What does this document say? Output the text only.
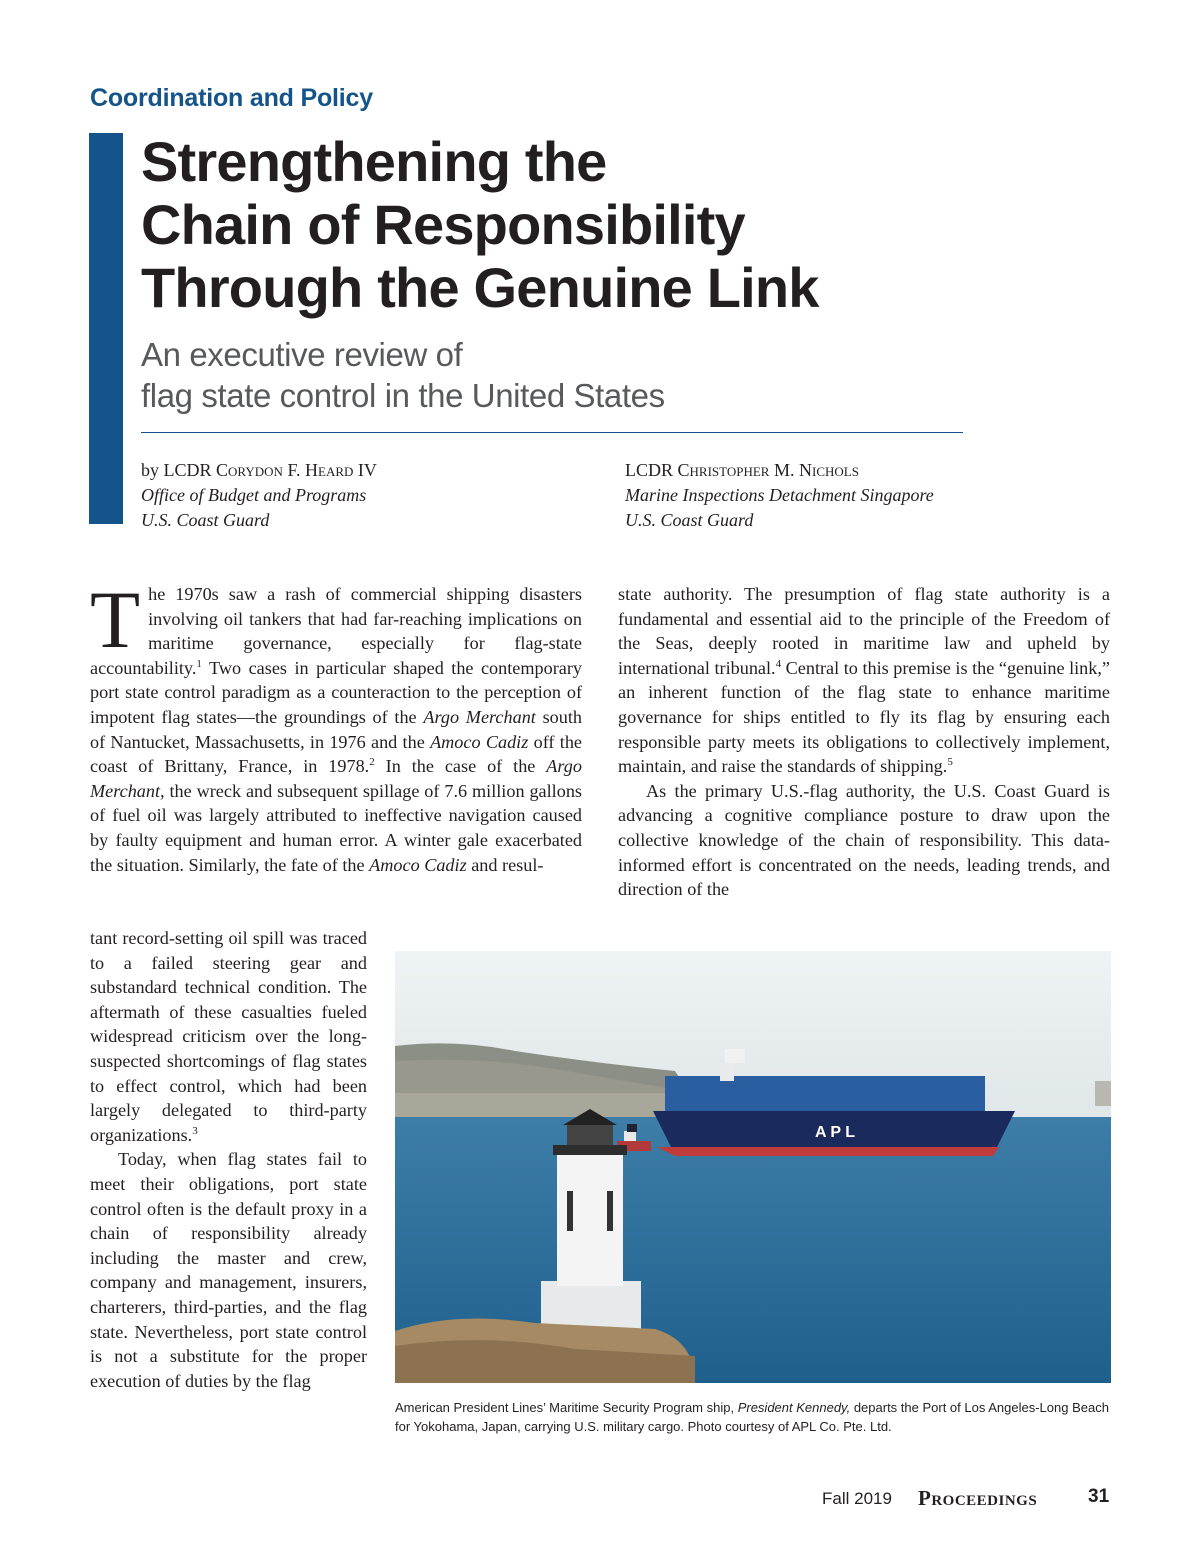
Coordination and Policy
Strengthening the
Chain of Responsibility
Through the Genuine Link
An executive review of
flag state control in the United States
by LCDR Corydon F. Heard IV
Office of Budget and Programs
U.S. Coast Guard
LCDR Christopher M. Nichols
Marine Inspections Detachment Singapore
U.S. Coast Guard

The 1970s saw a rash of commercial shipping disasters involving oil tankers that had far-reaching implications on maritime governance, especially for flag-state accountability.$^1$ Two cases in particular shaped the contemporary port state control paradigm as a counteraction to the perception of impotent flag states—the groundings of the Argo Merchant south of Nantucket, Massachusetts, in 1976 and the Amoco Cadiz off the coast of Brittany, France, in 1978.$^2$ In the case of the Argo Merchant, the wreck and subsequent spillage of 7.6 million gallons of fuel oil was largely attributed to ineffective navigation caused by faulty equipment and human error. A winter gale exacerbated the situation. Similarly, the fate of the Amoco Cadiz and resul-

tant record-setting oil spill was traced to a failed steering gear and substandard technical condition. The aftermath of these casualties fueled widespread criticism over the long-suspected shortcomings of flag states to effect control, which had been largely delegated to third-party organizations.$^3$

Today, when flag states fail to meet their obligations, port state control often is the default proxy in a chain of responsibility already including the master and crew, company and management, insurers, charterers, third-parties, and the flag state. Nevertheless, port state control is not a substitute for the proper execution of duties by the flag

state authority. The presumption of flag state authority is a fundamental and essential aid to the principle of the Freedom of the Seas, deeply rooted in maritime law and upheld by international tribunal.$^4$ Central to this premise is the “genuine link,” an inherent function of the flag state to enhance maritime governance for ships entitled to fly its flag by ensuring each responsible party meets its obligations to collectively implement, maintain, and raise the standards of shipping.$^5$

As the primary U.S.-flag authority, the U.S. Coast Guard is advancing a cognitive compliance posture to draw upon the collective knowledge of the chain of responsibility. This data-informed effort is concentrated on the needs, leading trends, and direction of the

A P L
American President Lines’ Maritime Security Program ship, President Kennedy, departs the Port of Los Angeles-Long Beach for Yokohama, Japan, carrying U.S. military cargo. Photo courtesy of APL Co. Pte. Ltd.
Fall 2019 Proceedings	31
